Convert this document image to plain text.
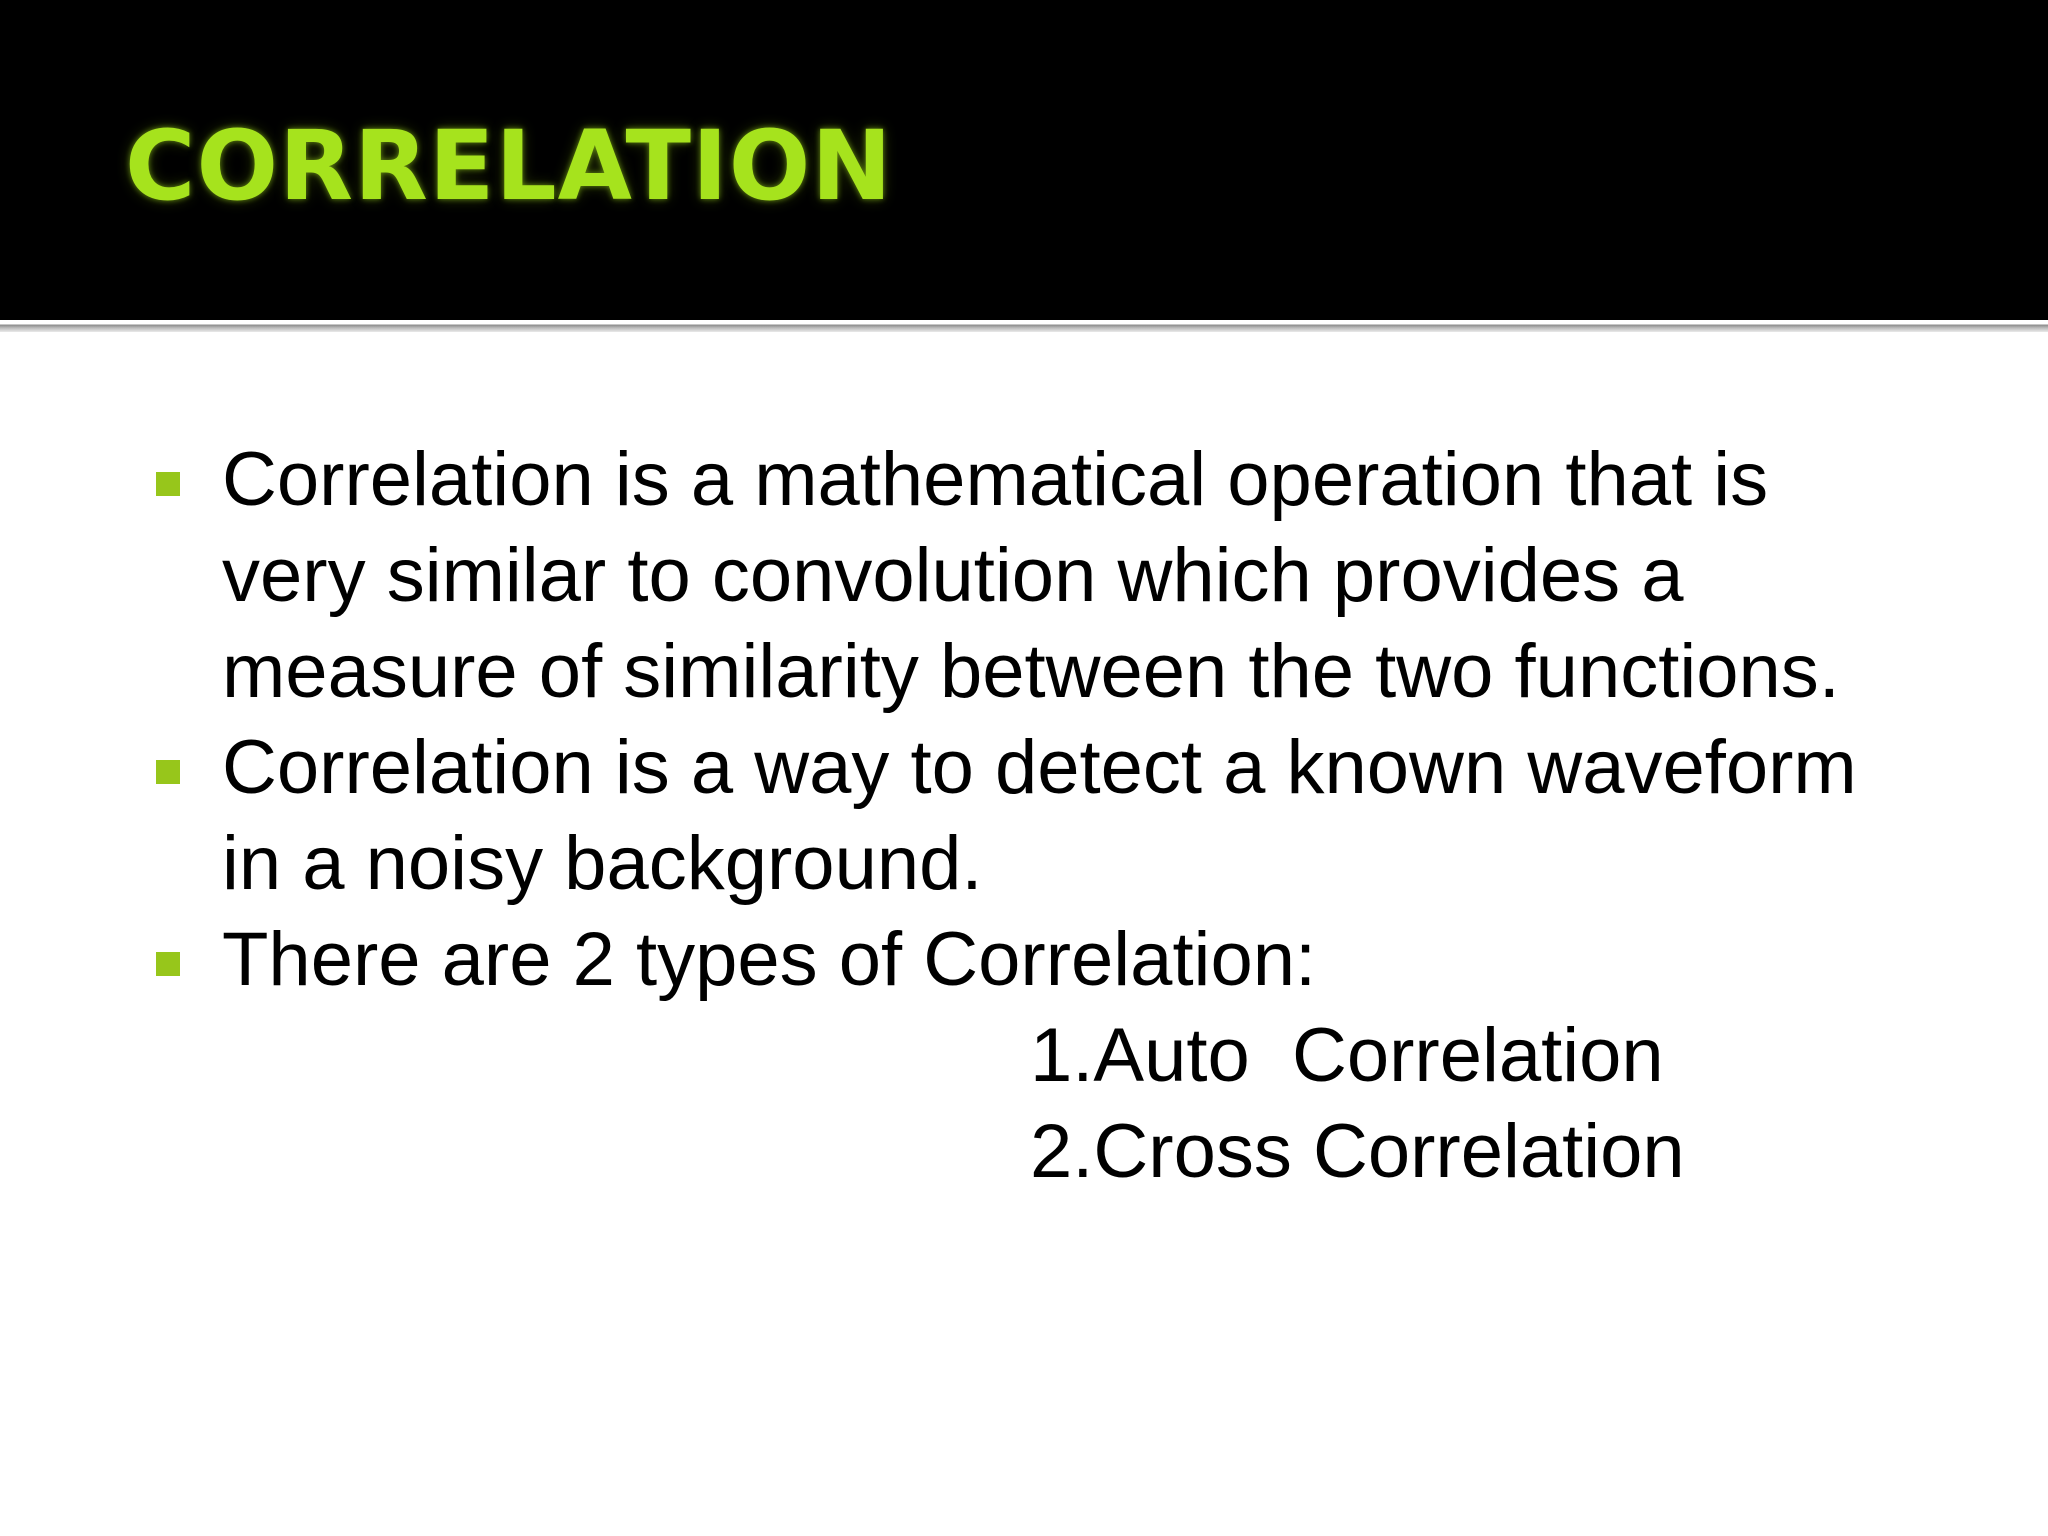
CORRELATION
Correlation is a mathematical operation that is very similar to convolution which provides a measure of similarity between the two functions.
Correlation is a way to detect a known waveform in a noisy background.
There are 2 types of Correlation:
1.Auto  Correlation
2.Cross Correlation
